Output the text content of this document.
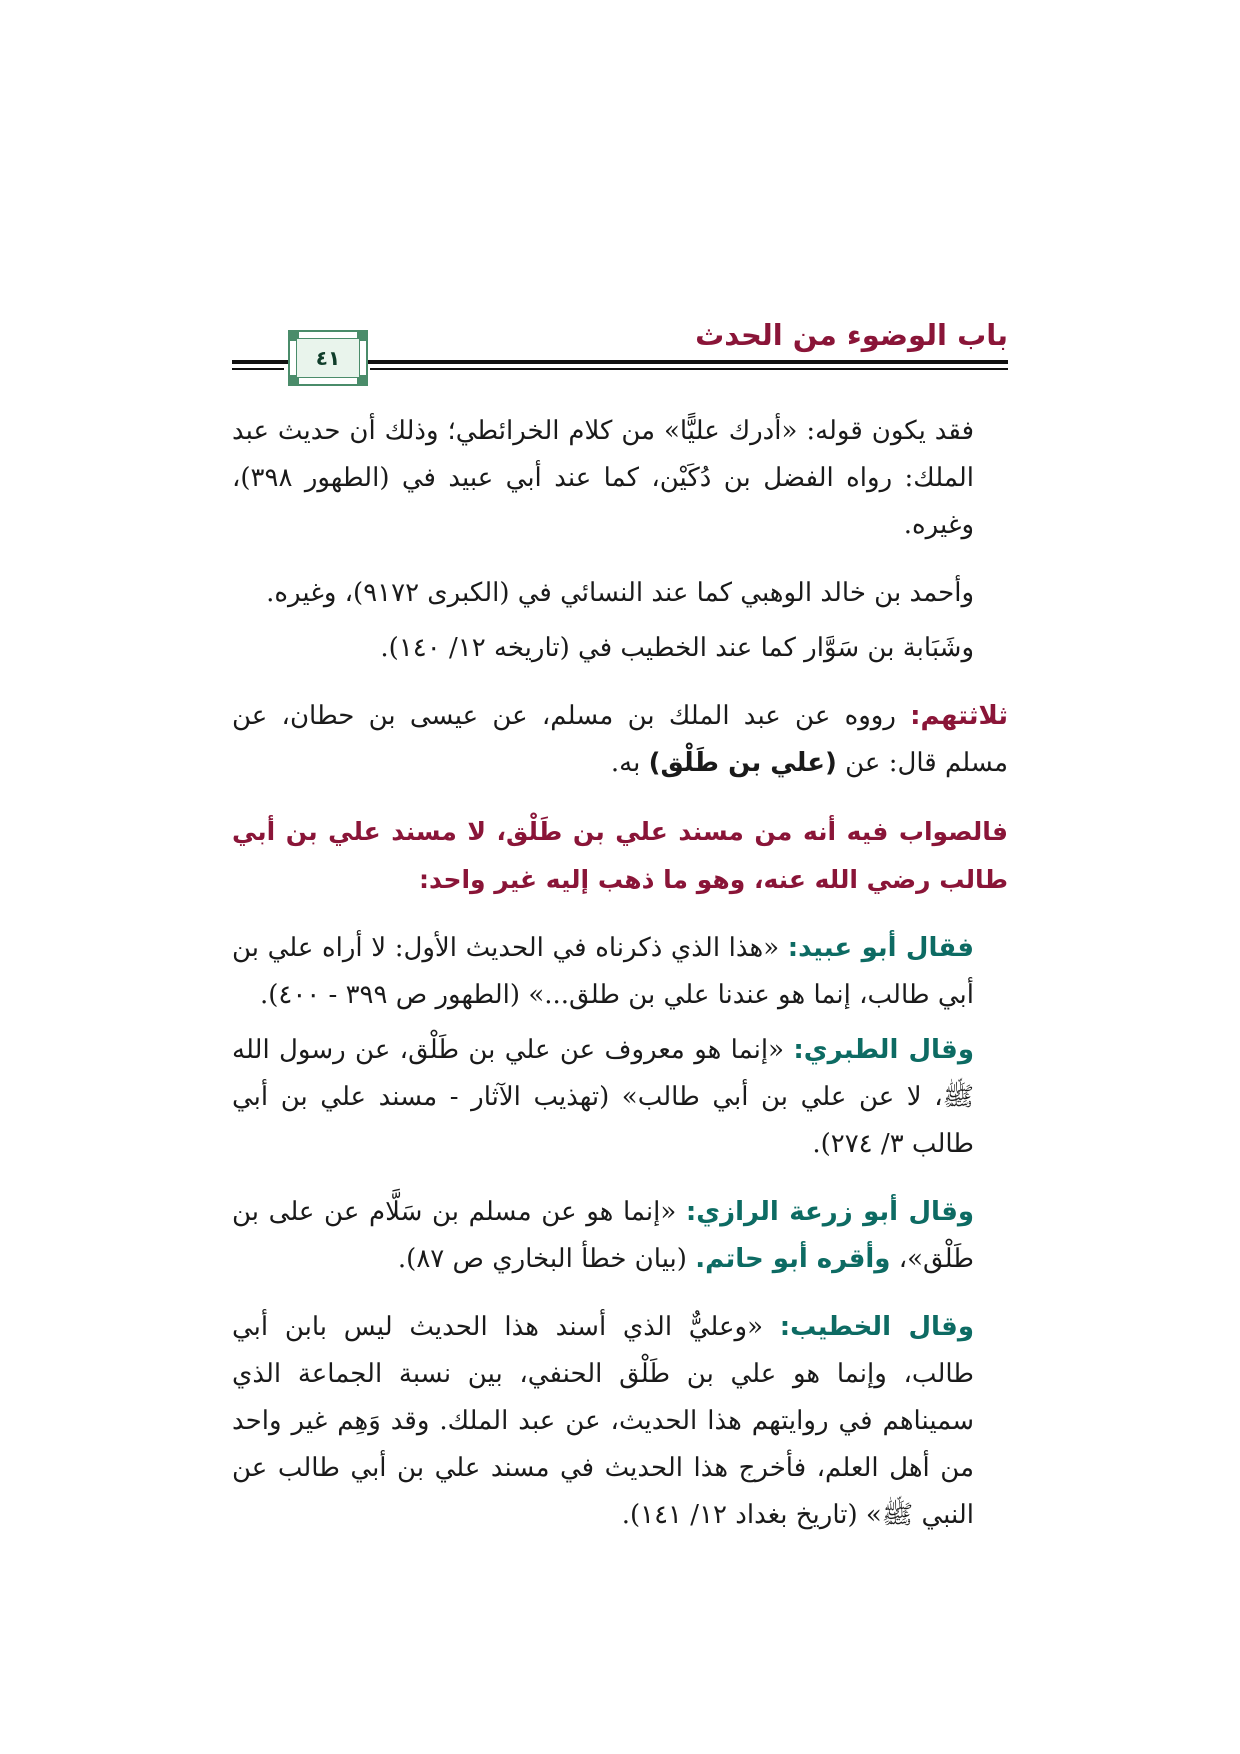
باب الوضوء من الحدث
٤١

فقد يكون قوله: «أدرك عليًّا» من كلام الخرائطي؛ وذلك أن حديث عبد الملك: رواه الفضل بن دُكَيْن، كما عند أبي عبيد في (الطهور ٣٩٨)، وغيره.

وأحمد بن خالد الوهبي كما عند النسائي في (الكبرى ٩١٧٢)، وغيره.

وشَبَابة بن سَوَّار كما عند الخطيب في (تاريخه ١٢/ ١٤٠).

ثلاثتهم: رووه عن عبد الملك بن مسلم، عن عيسى بن حطان، عن مسلم قال: عن (علي بن طَلْق) به.

فالصواب فيه أنه من مسند علي بن طَلْق، لا مسند علي بن أبي طالب رضي الله عنه، وهو ما ذهب إليه غير واحد:

فقال أبو عبيد: «هذا الذي ذكرناه في الحديث الأول: لا أراه علي بن أبي طالب، إنما هو عندنا علي بن طلق...» (الطهور ص ٣٩٩ - ٤٠٠).

وقال الطبري: «إنما هو معروف عن علي بن طَلْق، عن رسول الله ﷺ، لا عن علي بن أبي طالب» (تهذيب الآثار - مسند علي بن أبي طالب ٣/ ٢٧٤).

وقال أبو زرعة الرازي: «إنما هو عن مسلم بن سَلَّام عن على بن طَلْق»، وأقره أبو حاتم. (بيان خطأ البخاري ص ٨٧).

وقال الخطيب: «وعليٌّ الذي أسند هذا الحديث ليس بابن أبي طالب، وإنما هو علي بن طَلْق الحنفي، بين نسبة الجماعة الذي سميناهم في روايتهم هذا الحديث، عن عبد الملك. وقد وَهِم غير واحد من أهل العلم، فأخرج هذا الحديث في مسند علي بن أبي طالب عن النبي ﷺ» (تاريخ بغداد ١٢/ ١٤١).
